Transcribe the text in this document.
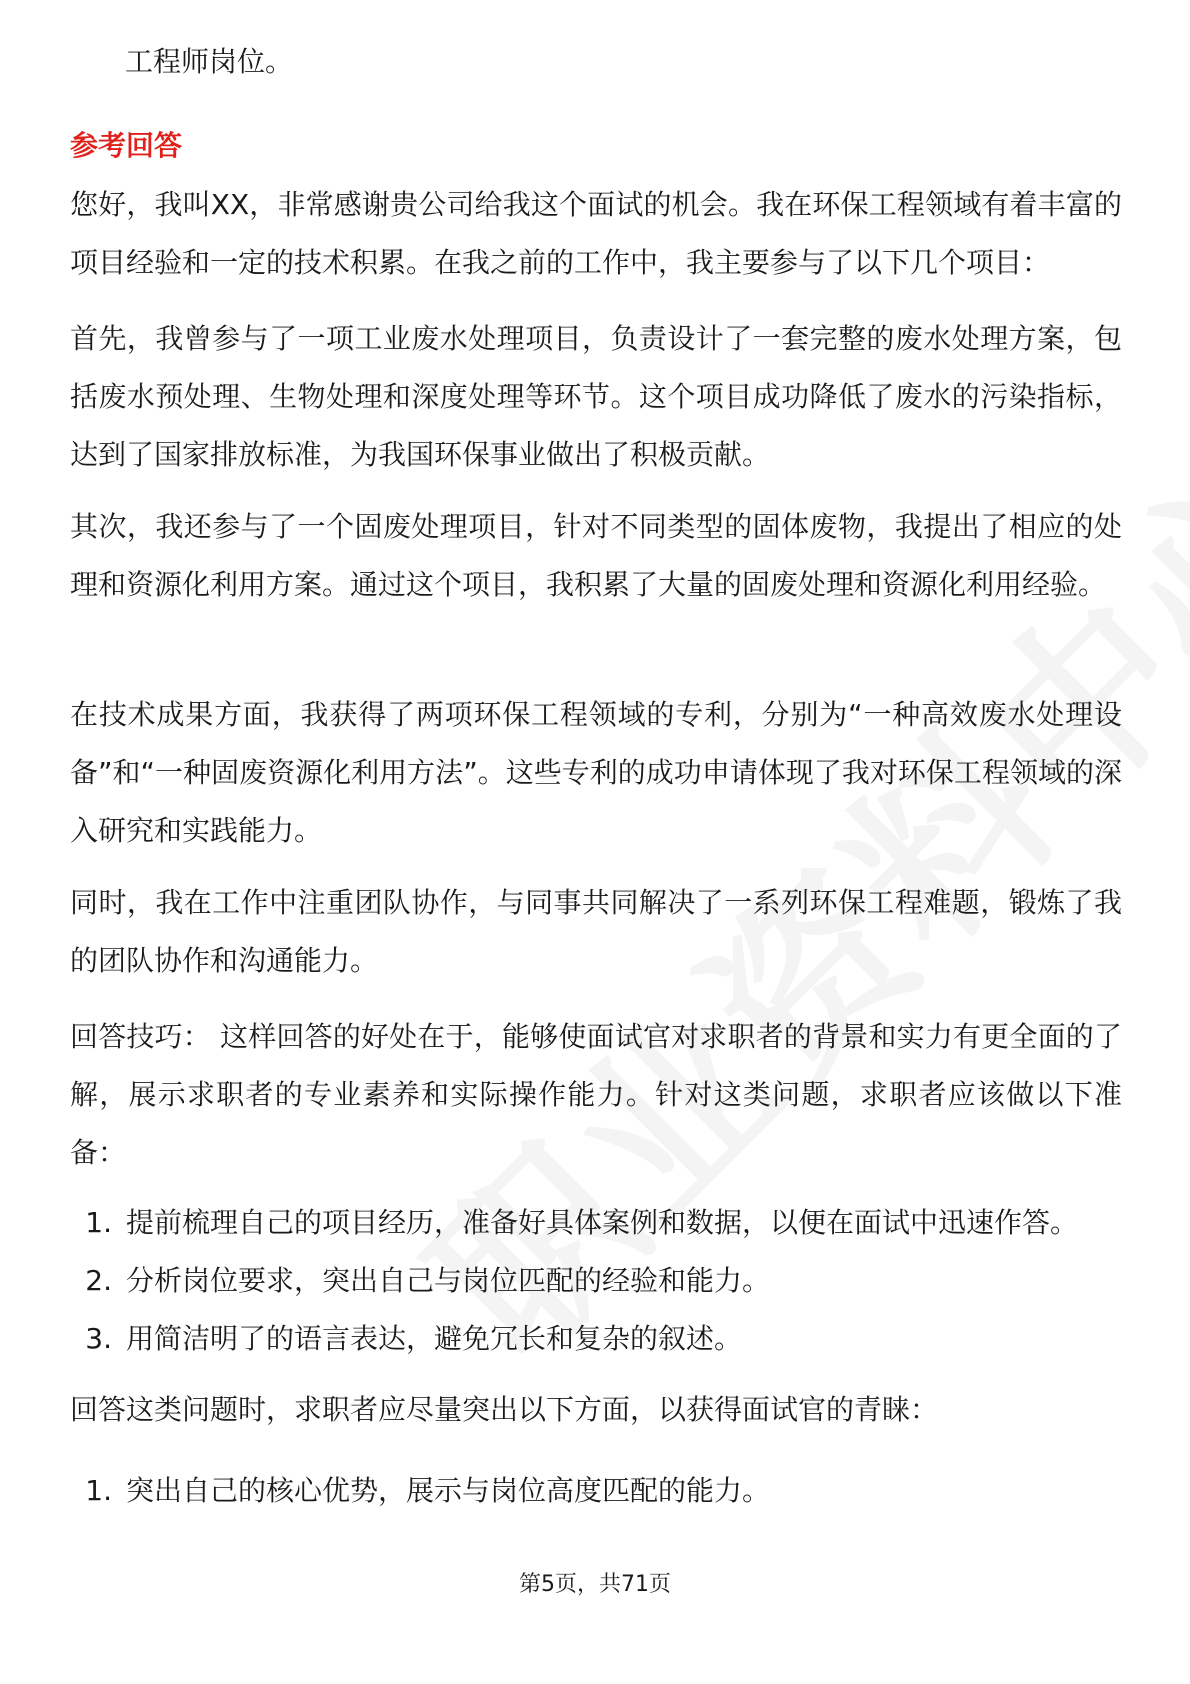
工程师岗位。

参考回答

您好，我叫XX，非常感谢贵公司给我这个面试的机会。我在环保工程领域有着丰富的项目经验和一定的技术积累。在我之前的工作中，我主要参与了以下几个项目：

首先，我曾参与了一项工业废水处理项目，负责设计了一套完整的废水处理方案，包括废水预处理、生物处理和深度处理等环节。这个项目成功降低了废水的污染指标，达到了国家排放标准，为我国环保事业做出了积极贡献。

其次，我还参与了一个固废处理项目，针对不同类型的固体废物，我提出了相应的处理和资源化利用方案。通过这个项目，我积累了大量的固废处理和资源化利用经验。

在技术成果方面，我获得了两项环保工程领域的专利，分别为“一种高效废水处理设备”和“一种固废资源化利用方法”。这些专利的成功申请体现了我对环保工程领域的深入研究和实践能力。

同时，我在工作中注重团队协作，与同事共同解决了一系列环保工程难题，锻炼了我的团队协作和沟通能力。

回答技巧： 这样回答的好处在于，能够使面试官对求职者的背景和实力有更全面的了解，展示求职者的专业素养和实际操作能力。针对这类问题，求职者应该做以下准备：

1. 提前梳理自己的项目经历，准备好具体案例和数据，以便在面试中迅速作答。
2. 分析岗位要求，突出自己与岗位匹配的经验和能力。
3. 用简洁明了的语言表达，避免冗长和复杂的叙述。

回答这类问题时，求职者应尽量突出以下方面，以获得面试官的青睐：

1. 突出自己的核心优势，展示与岗位高度匹配的能力。
第5页，共71页
